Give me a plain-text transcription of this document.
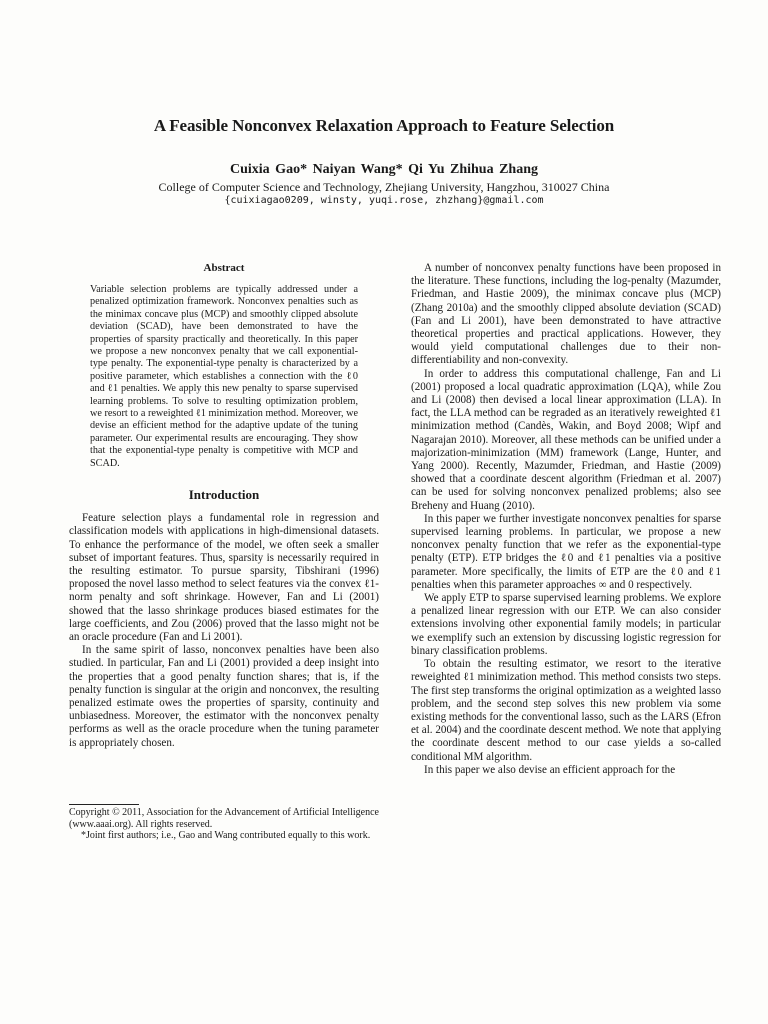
A Feasible Nonconvex Relaxation Approach to Feature Selection
Cuixia Gao* Naiyan Wang* Qi Yu Zhihua Zhang
College of Computer Science and Technology, Zhejiang University, Hangzhou, 310027 China
{cuixiagao0209, winsty, yuqi.rose, zhzhang}@gmail.com
Abstract
Variable selection problems are typically addressed under a penalized optimization framework. Nonconvex penalties such as the minimax concave plus (MCP) and smoothly clipped absolute deviation (SCAD), have been demonstrated to have the properties of sparsity practically and theoretically. In this paper we propose a new nonconvex penalty that we call exponential-type penalty. The exponential-type penalty is characterized by a positive parameter, which establishes a connection with the ℓ0 and ℓ1 penalties. We apply this new penalty to sparse supervised learning problems. To solve to resulting optimization problem, we resort to a reweighted ℓ1 minimization method. Moreover, we devise an efficient method for the adaptive update of the tuning parameter. Our experimental results are encouraging. They show that the exponential-type penalty is competitive with MCP and SCAD.
Introduction

Feature selection plays a fundamental role in regression and classification models with applications in high-dimensional datasets. To enhance the performance of the model, we often seek a smaller subset of important features. Thus, sparsity is necessarily required in the resulting estimator. To pursue sparsity, Tibshirani (1996) proposed the novel lasso method to select features via the convex ℓ1-norm penalty and soft shrinkage. However, Fan and Li (2001) showed that the lasso shrinkage produces biased estimates for the large coefficients, and Zou (2006) proved that the lasso might not be an oracle procedure (Fan and Li 2001).

In the same spirit of lasso, nonconvex penalties have been also studied. In particular, Fan and Li (2001) provided a deep insight into the properties that a good penalty function shares; that is, if the penalty function is singular at the origin and nonconvex, the resulting penalized estimate owes the properties of sparsity, continuity and unbiasedness. Moreover, the estimator with the nonconvex penalty performs as well as the oracle procedure when the tuning parameter is appropriately chosen.

A number of nonconvex penalty functions have been proposed in the literature. These functions, including the log-penalty (Mazumder, Friedman, and Hastie 2009), the minimax concave plus (MCP) (Zhang 2010a) and the smoothly clipped absolute deviation (SCAD) (Fan and Li 2001), have been demonstrated to have attractive theoretical properties and practical applications. However, they would yield computational challenges due to their non-differentiability and non-convexity.

In order to address this computational challenge, Fan and Li (2001) proposed a local quadratic approximation (LQA), while Zou and Li (2008) then devised a local linear approximation (LLA). In fact, the LLA method can be regraded as an iteratively reweighted ℓ1 minimization method (Candès, Wakin, and Boyd 2008; Wipf and Nagarajan 2010). Moreover, all these methods can be unified under a majorization-minimization (MM) framework (Lange, Hunter, and Yang 2000). Recently, Mazumder, Friedman, and Hastie (2009) showed that a coordinate descent algorithm (Friedman et al. 2007) can be used for solving nonconvex penalized problems; also see Breheny and Huang (2010).

In this paper we further investigate nonconvex penalties for sparse supervised learning problems. In particular, we propose a new nonconvex penalty function that we refer as the exponential-type penalty (ETP). ETP bridges the ℓ0 and ℓ1 penalties via a positive parameter. More specifically, the limits of ETP are the ℓ0 and ℓ1 penalties when this parameter approaches ∞ and 0 respectively.

We apply ETP to sparse supervised learning problems. We explore a penalized linear regression with our ETP. We can also consider extensions involving other exponential family models; in particular we exemplify such an extension by discussing logistic regression for binary classification problems.

To obtain the resulting estimator, we resort to the iterative reweighted ℓ1 minimization method. This method consists two steps. The first step transforms the original optimization as a weighted lasso problem, and the second step solves this new problem via some existing methods for the conventional lasso, such as the LARS (Efron et al. 2004) and the coordinate descent method. We note that applying the coordinate descent method to our case yields a so-called conditional MM algorithm.

In this paper we also devise an efficient approach for the

Copyright © 2011, Association for the Advancement of Artificial Intelligence (www.aaai.org). All rights reserved.
*Joint first authors; i.e., Gao and Wang contributed equally to this work.
